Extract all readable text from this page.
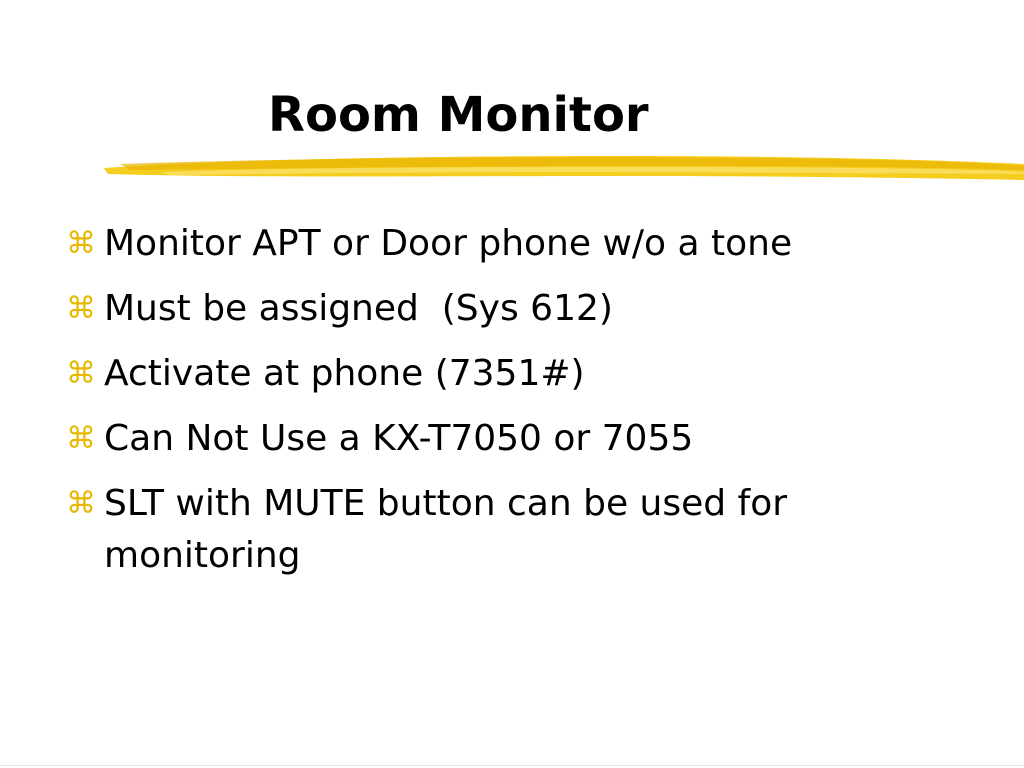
Room Monitor
⌘ Monitor APT or Door phone w/o a tone
⌘ Must be assigned  (Sys 612)
⌘ Activate at phone (7351#)
⌘ Can Not Use a KX-T7050 or 7055
⌘ SLT with MUTE button can be used for monitoring
